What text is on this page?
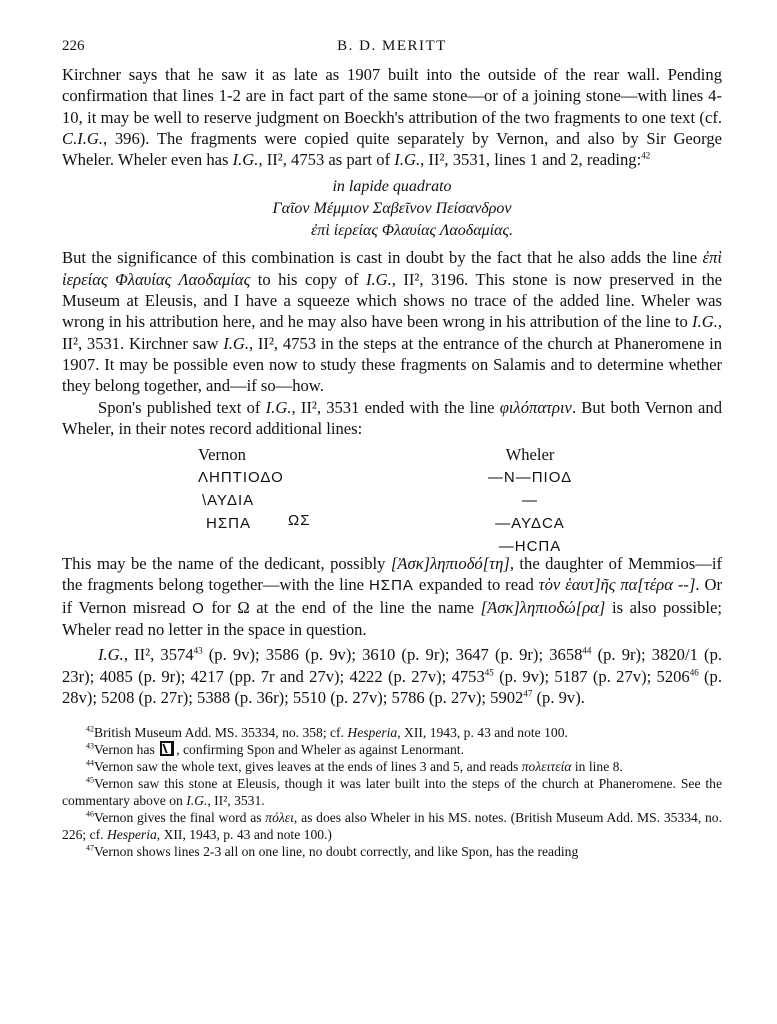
226	B. D. MERITT

Kirchner says that he saw it as late as 1907 built into the outside of the rear wall. Pending confirmation that lines 1-2 are in fact part of the same stone—or of a joining stone—with lines 4-10, it may be well to reserve judgment on Boeckh's attribution of the two fragments to one text (cf. C.I.G., 396). The fragments were copied quite separately by Vernon, and also by Sir George Wheler. Wheler even has I.G., II², 4753 as part of I.G., II², 3531, lines 1 and 2, reading:$^{42}$

in lapide quadrato
Γαῖον Μέμμιον Σαβεῖνον Πείσανδρον
ἐπὶ ἱερείας Φλαυίας Λαοδαμίας.

But the significance of this combination is cast in doubt by the fact that he also adds the line ἐπὶ ἱερείας Φλαυίας Λαοδαμίας to his copy of I.G., II², 3196. This stone is now preserved in the Museum at Eleusis, and I have a squeeze which shows no trace of the added line. Wheler was wrong in his attribution here, and he may also have been wrong in his attribution of the line to I.G., II², 3531. Kirchner saw I.G., II², 4753 in the steps at the entrance of the church at Phaneromene in 1907. It may be possible even now to study these fragments on Salamis and to determine whether they belong together, and—if so—how.

Spon's published text of I.G., II², 3531 ended with the line φιλόπατριν. But both Vernon and Wheler, in their notes record additional lines:

Vernon
ΛΗΠΤΙΟΔΟ
\ΑΥΔΙΑ
ΗΣΠΑ	ΩΣ
Wheler
—Ν—ΠΙΟΔ—
—ΑΥΔCΑ
—ΗCΠΑ

This may be the name of the dedicant, possibly [Ἀσκ]ληπιοδό[τη], the daughter of Memmios—if the fragments belong together—with the line ΗΣΠΑ expanded to read τὸν ἑαυτ]ῆς πα[τέρα --]. Or if Vernon misread O for Ω at the end of the line the name [Ἀσκ]ληπιοδώ[ρα] is also possible; Wheler read no letter in the space in question.

I.G., II², 3574$^{43}$ (p. 9v); 3586 (p. 9v); 3610 (p. 9r); 3647 (p. 9r); 3658$^{44}$ (p. 9r); 3820/1 (p. 23r); 4085 (p. 9r); 4217 (pp. 7r and 27v); 4222 (p. 27v); 4753$^{45}$ (p. 9v); 5187 (p. 27v); 5206$^{46}$ (p. 28v); 5208 (p. 27r); 5388 (p. 36r); 5510 (p. 27v); 5786 (p. 27v); 5902$^{47}$ (p. 9v).

$^{42}$British Museum Add. MS. 35334, no. 358; cf. Hesperia, XII, 1943, p. 43 and note 100.

$^{43}$Vernon has , confirming Spon and Wheler as against Lenormant.

$^{44}$Vernon saw the whole text, gives leaves at the ends of lines 3 and 5, and reads πολειτεία in line 8.

$^{45}$Vernon saw this stone at Eleusis, though it was later built into the steps of the church at Phaneromene. See the commentary above on I.G., II², 3531.

$^{46}$Vernon gives the final word as πόλει, as does also Wheler in his MS. notes. (British Museum Add. MS. 35334, no. 226; cf. Hesperia, XII, 1943, p. 43 and note 100.)

$^{47}$Vernon shows lines 2-3 all on one line, no doubt correctly, and like Spon, has the reading
